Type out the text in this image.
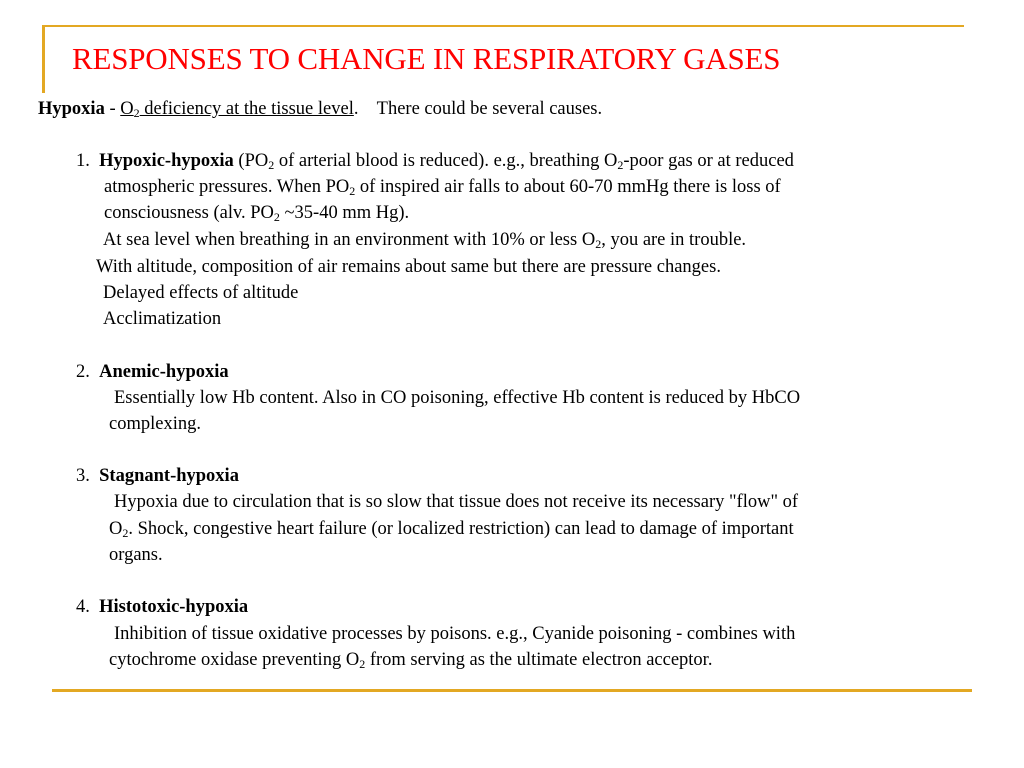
RESPONSES TO CHANGE IN RESPIRATORY GASES
Hypoxia - $O_2$ deficiency at the tissue level. There could be several causes.
1. Hypoxic-hypoxia ($PO_2$ of arterial blood is reduced). e.g., breathing $O_2$-poor gas or at reduced
atmospheric pressures. When $PO_2$ of inspired air falls to about 60-70 mmHg there is loss of
consciousness (alv. $PO_2$ ~35-40 mm Hg).
At sea level when breathing in an environment with 10% or less $O_2$, you are in trouble.
With altitude, composition of air remains about same but there are pressure changes.
Delayed effects of altitude
Acclimatization
2. Anemic-hypoxia
Essentially low Hb content. Also in CO poisoning, effective Hb content is reduced by HbCO
complexing.
3. Stagnant-hypoxia
Hypoxia due to circulation that is so slow that tissue does not receive its necessary "flow" of
$O_2$. Shock, congestive heart failure (or localized restriction) can lead to damage of important
organs.
4. Histotoxic-hypoxia
Inhibition of tissue oxidative processes by poisons. e.g., Cyanide poisoning - combines with
cytochrome oxidase preventing $O_2$ from serving as the ultimate electron acceptor.
